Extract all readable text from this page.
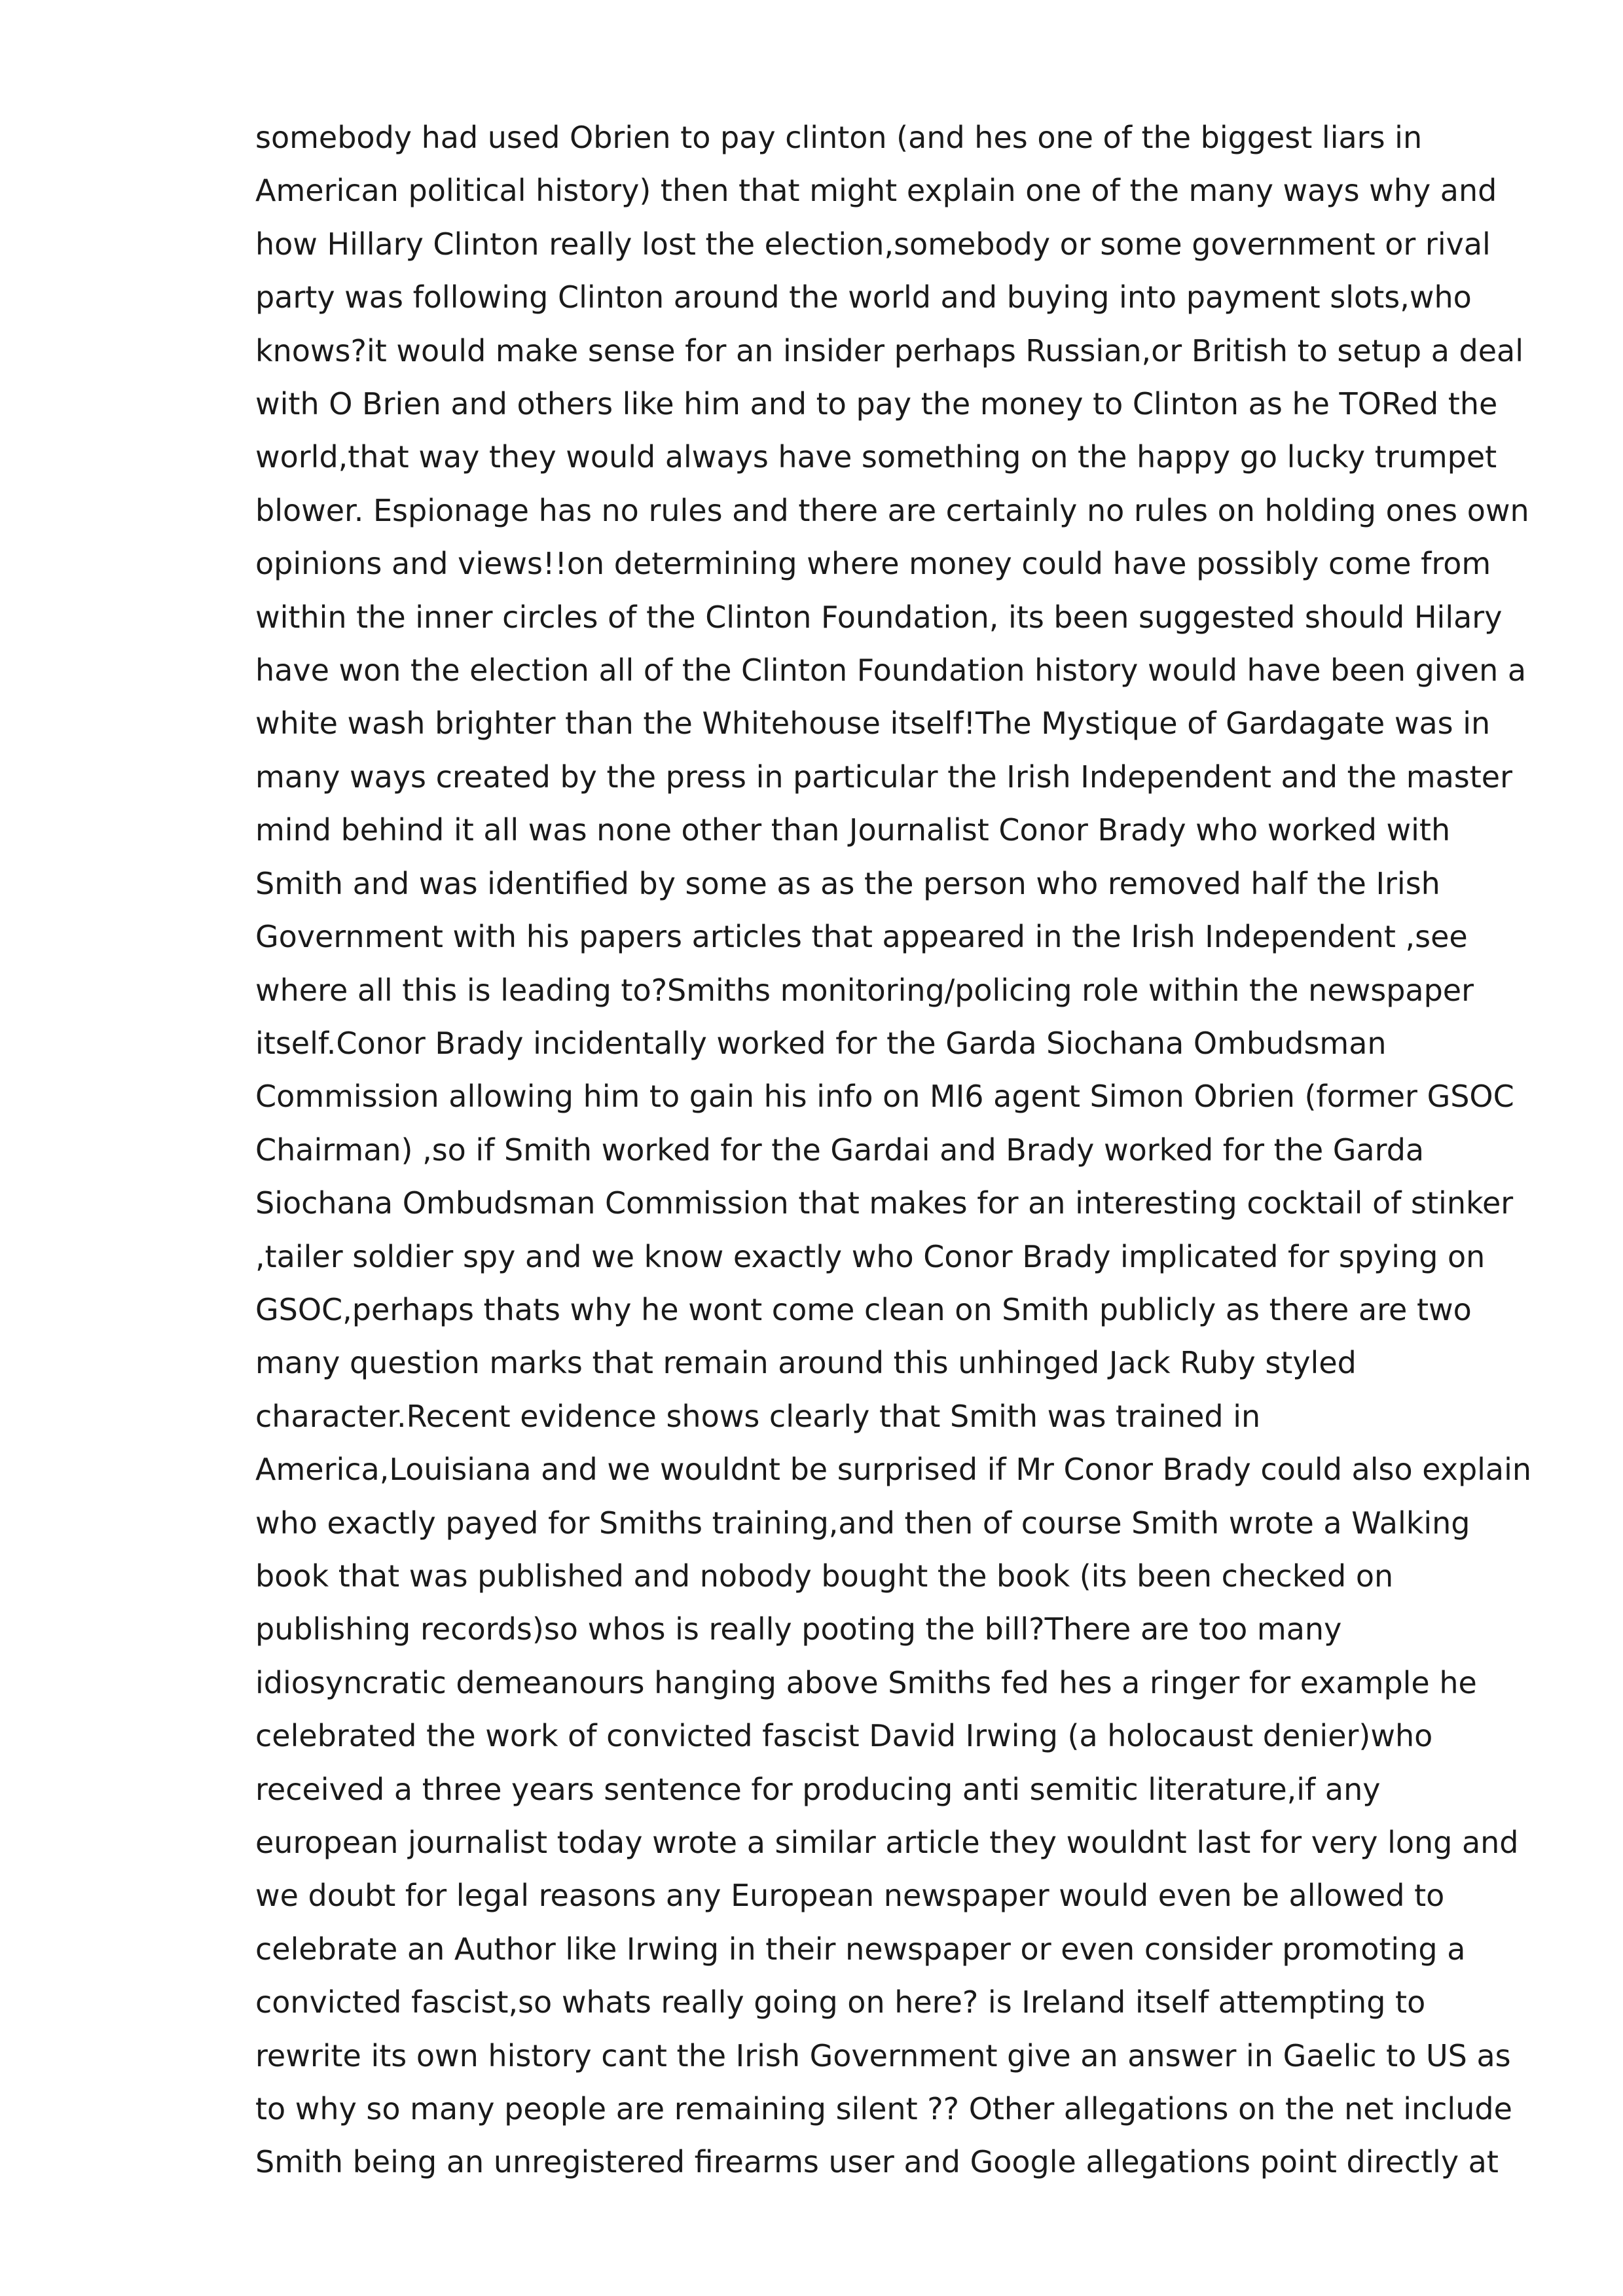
somebody had used Obrien to pay clinton (and hes one of the biggest liars in
American political history) then that might explain one of the many ways why and
how Hillary Clinton really lost the election,somebody or some government or rival
party was following Clinton around the world and buying into payment slots,who
knows?it would make sense for an insider perhaps Russian,or British to setup a deal
with O Brien and others like him and to pay the money to Clinton as he TORed the
world,that way they would always have something on the happy go lucky trumpet
blower. Espionage has no rules and there are certainly no rules on holding ones own
opinions and views!!on determining where money could have possibly come from
within the inner circles of the Clinton Foundation, its been suggested should Hilary
have won the election all of the Clinton Foundation history would have been given a
white wash brighter than the Whitehouse itself!The Mystique of Gardagate was in
many ways created by the press in particular the Irish Independent and the master
mind behind it all was none other than Journalist Conor Brady who worked with
Smith and was identified by some as as the person who removed half the Irish
Government with his papers articles that appeared in the Irish Independent ,see
where all this is leading to?Smiths monitoring/policing role within the newspaper
itself.Conor Brady incidentally worked for the Garda Siochana Ombudsman
Commission allowing him to gain his info on MI6 agent Simon Obrien (former GSOC
Chairman) ,so if Smith worked for the Gardai and Brady worked for the Garda
Siochana Ombudsman Commission that makes for an interesting cocktail of stinker
,tailer soldier spy and we know exactly who Conor Brady implicated for spying on
GSOC,perhaps thats why he wont come clean on Smith publicly as there are two
many question marks that remain around this unhinged Jack Ruby styled
character.Recent evidence shows clearly that Smith was trained in
America,Louisiana and we wouldnt be surprised if Mr Conor Brady could also explain
who exactly payed for Smiths training,and then of course Smith wrote a Walking
book that was published and nobody bought the book (its been checked on
publishing records)so whos is really pooting the bill?There are too many
idiosyncratic demeanours hanging above Smiths fed hes a ringer for example he
celebrated the work of convicted fascist David Irwing (a holocaust denier)who
received a three years sentence for producing anti semitic literature,if any
european journalist today wrote a similar article they wouldnt last for very long and
we doubt for legal reasons any European newspaper would even be allowed to
celebrate an Author like Irwing in their newspaper or even consider promoting a
convicted fascist,so whats really going on here? is Ireland itself attempting to
rewrite its own history cant the Irish Government give an answer in Gaelic to US as
to why so many people are remaining silent ?? Other allegations on the net include
Smith being an unregistered firearms user and Google allegations point directly at
